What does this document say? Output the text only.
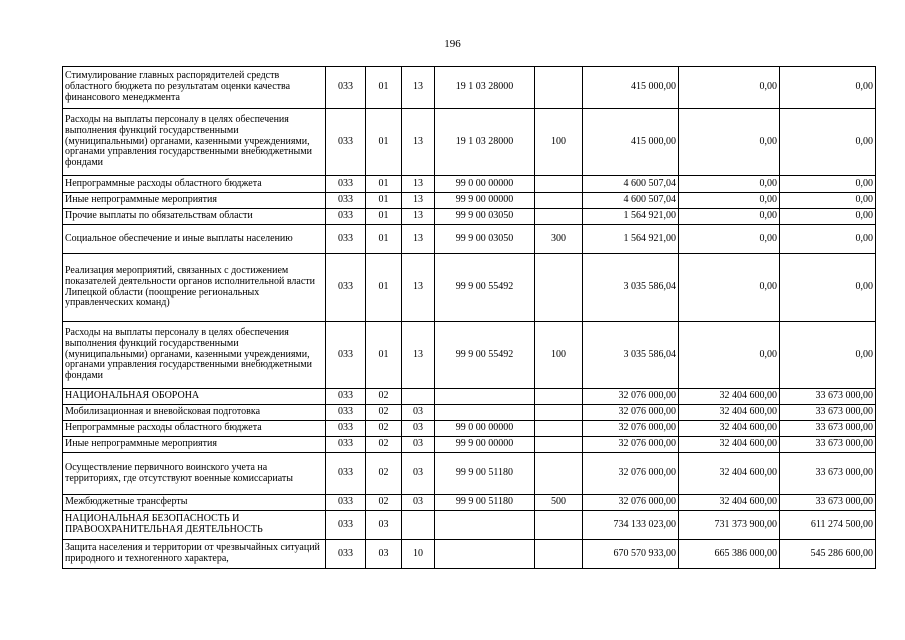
196
Стимулирование главных распорядителей средств областного бюджета по результатам оценки качества финансового менеджмента	033	01	13	19 1 03 28000		415 000,00	0,00	0,00
Расходы на выплаты персоналу в целях обеспечения выполнения функций государственными (муниципальными) органами, казенными учреждениями, органами управления государственными внебюджетными фондами	033	01	13	19 1 03 28000	100	415 000,00	0,00	0,00
Непрограммные расходы областного бюджета	033	01	13	99 0 00 00000		4 600 507,04	0,00	0,00
Иные непрограммные мероприятия	033	01	13	99 9 00 00000		4 600 507,04	0,00	0,00
Прочие выплаты по обязательствам области	033	01	13	99 9 00 03050		1 564 921,00	0,00	0,00
Социальное обеспечение и иные выплаты населению	033	01	13	99 9 00 03050	300	1 564 921,00	0,00	0,00
Реализация мероприятий, связанных с достижением показателей деятельности органов исполнительной власти Липецкой области (поощрение региональных управленческих команд)	033	01	13	99 9 00 55492		3 035 586,04	0,00	0,00
Расходы на выплаты персоналу в целях обеспечения выполнения функций государственными (муниципальными) органами, казенными учреждениями, органами управления государственными внебюджетными фондами	033	01	13	99 9 00 55492	100	3 035 586,04	0,00	0,00
НАЦИОНАЛЬНАЯ ОБОРОНА	033	02				32 076 000,00	32 404 600,00	33 673 000,00
Мобилизационная и вневойсковая подготовка	033	02	03			32 076 000,00	32 404 600,00	33 673 000,00
Непрограммные расходы областного бюджета	033	02	03	99 0 00 00000		32 076 000,00	32 404 600,00	33 673 000,00
Иные непрограммные мероприятия	033	02	03	99 9 00 00000		32 076 000,00	32 404 600,00	33 673 000,00
Осуществление первичного воинского учета на территориях, где отсутствуют военные комиссариаты	033	02	03	99 9 00 51180		32 076 000,00	32 404 600,00	33 673 000,00
Межбюджетные трансферты	033	02	03	99 9 00 51180	500	32 076 000,00	32 404 600,00	33 673 000,00
НАЦИОНАЛЬНАЯ БЕЗОПАСНОСТЬ И ПРАВООХРАНИТЕЛЬНАЯ ДЕЯТЕЛЬНОСТЬ	033	03				734 133 023,00	731 373 900,00	611 274 500,00
Защита населения и территории от чрезвычайных ситуаций природного и техногенного характера,	033	03	10			670 570 933,00	665 386 000,00	545 286 600,00
